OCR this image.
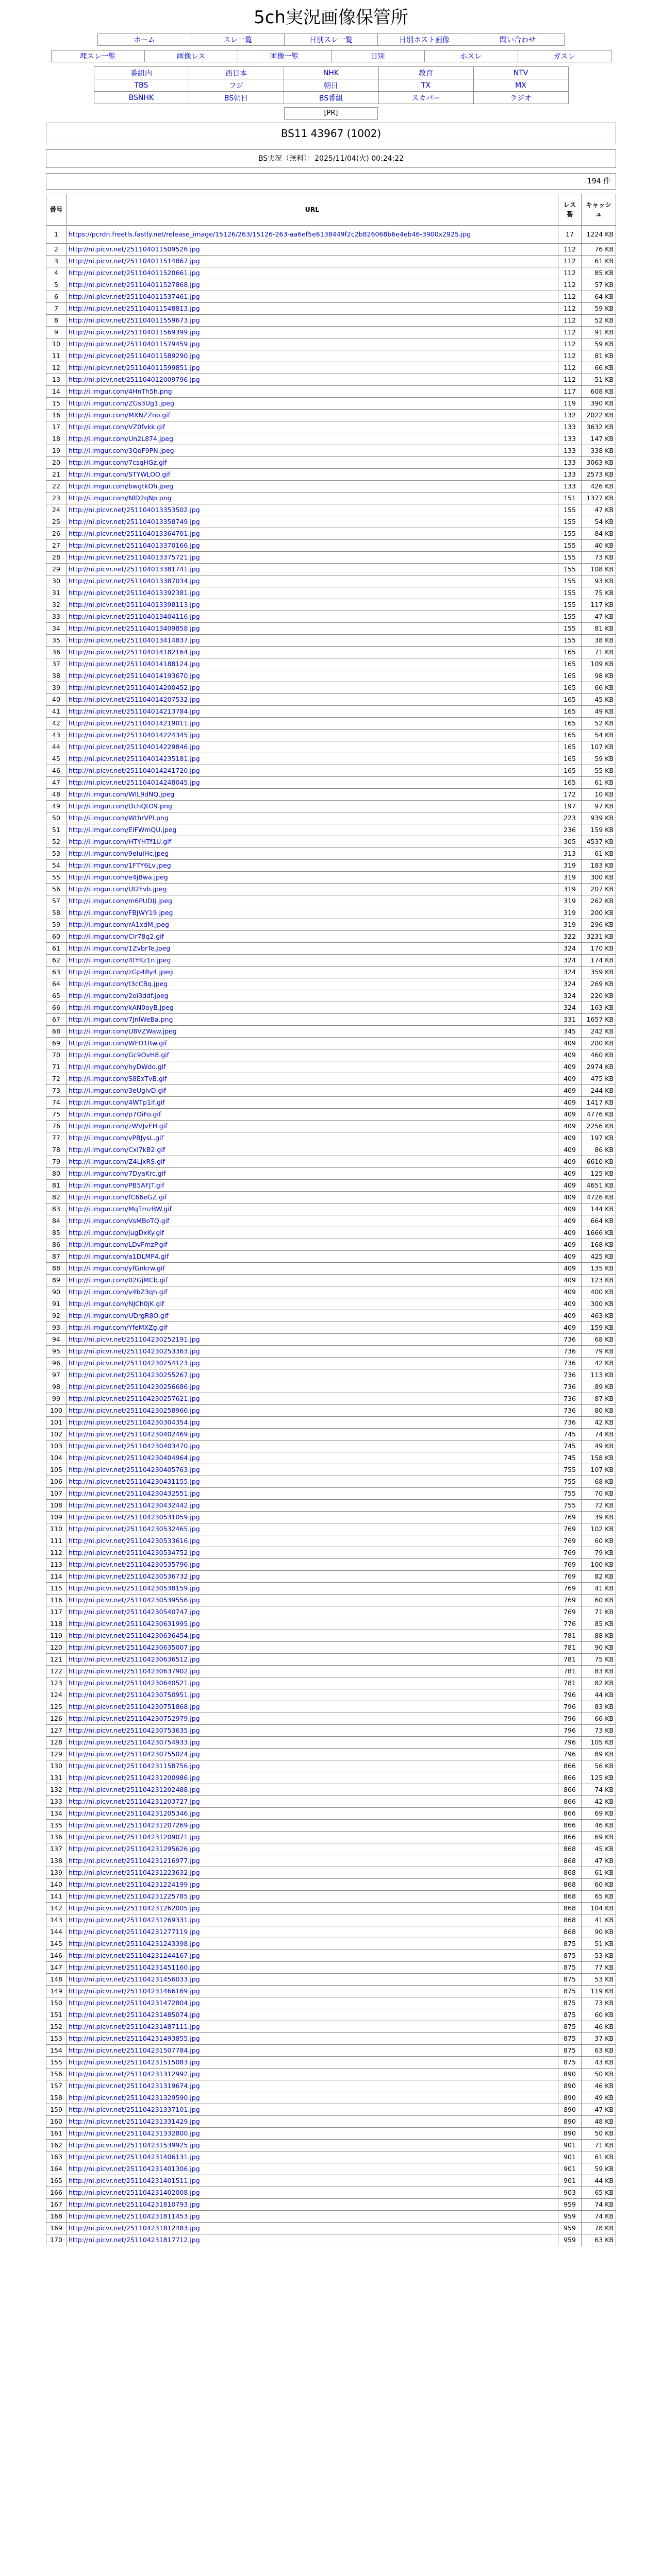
5ch実況画像保管所
ホーム	スレ一覧	日別スレ一覧	日別ホスト画像	問い合わせ
埋スレ一覧	画像レス	画像一覧	日別	ホスレ	ガスレ
番組内	西日本	NHK	教育	NTV
TBS	フジ	朝日	TX	MX
BSNHK	BS朝日	BS番組	スカパー	ラジオ
[PR]
BS11 43967 (1002)
BS実況（無料）：2025/11/04(火) 00:24:22
194 件
番号	URL	レス番	キャッシュ
1	https://pcrdn.freetls.fastly.net/release_image/15126/263/15126-263-aa6ef5e6138449f2c2b826068b6e4eb46-3900x2925.jpg	17	1224 KB
2	http://ni.picvr.net/251104011509526.jpg	112	76 KB
3	http://ni.picvr.net/251104011514867.jpg	112	61 KB
4	http://ni.picvr.net/251104011520661.jpg	112	85 KB
5	http://ni.picvr.net/251104011527868.jpg	112	57 KB
6	http://ni.picvr.net/251104011537461.jpg	112	64 KB
7	http://ni.picvr.net/251104011548813.jpg	112	59 KB
8	http://ni.picvr.net/251104011559673.jpg	112	52 KB
9	http://ni.picvr.net/251104011569399.jpg	112	91 KB
10	http://ni.picvr.net/251104011579459.jpg	112	59 KB
11	http://ni.picvr.net/251104011589290.jpg	112	81 KB
12	http://ni.picvr.net/251104011599851.jpg	112	66 KB
13	http://ni.picvr.net/251104012009796.jpg	112	51 KB
14	http://i.imgur.com/4HnTh5h.png	117	608 KB
15	http://i.imgur.com/ZGs3Ug1.jpeg	119	390 KB
16	http://i.imgur.com/MXNZZno.gif	132	2022 KB
17	http://i.imgur.com/VZ0fvkk.gif	133	3632 KB
18	http://i.imgur.com/Un2L874.jpeg	133	147 KB
19	http://i.imgur.com/3QoF9PN.jpeg	133	338 KB
20	http://i.imgur.com/7csqHGz.gif	133	3063 KB
21	http://i.imgur.com/STYWLOO.gif	133	2573 KB
22	http://i.imgur.com/bwgtkOh.jpeg	133	426 KB
23	http://i.imgur.com/NlD2qNp.png	151	1377 KB
24	http://ni.picvr.net/251104013353502.jpg	155	47 KB
25	http://ni.picvr.net/251104013358749.jpg	155	54 KB
26	http://ni.picvr.net/251104013364701.jpg	155	84 KB
27	http://ni.picvr.net/251104013370166.jpg	155	40 KB
28	http://ni.picvr.net/251104013375721.jpg	155	73 KB
29	http://ni.picvr.net/251104013381741.jpg	155	108 KB
30	http://ni.picvr.net/251104013387034.jpg	155	93 KB
31	http://ni.picvr.net/251104013392381.jpg	155	75 KB
32	http://ni.picvr.net/251104013398113.jpg	155	117 KB
33	http://ni.picvr.net/251104013404116.jpg	155	47 KB
34	http://ni.picvr.net/251104013409858.jpg	155	81 KB
35	http://ni.picvr.net/251104013414837.jpg	155	38 KB
36	http://ni.picvr.net/251104014182164.jpg	165	71 KB
37	http://ni.picvr.net/251104014188124.jpg	165	109 KB
38	http://ni.picvr.net/251104014193670.jpg	165	98 KB
39	http://ni.picvr.net/251104014200452.jpg	165	66 KB
40	http://ni.picvr.net/251104014207532.jpg	165	45 KB
41	http://ni.picvr.net/251104014213784.jpg	165	49 KB
42	http://ni.picvr.net/251104014219011.jpg	165	52 KB
43	http://ni.picvr.net/251104014224345.jpg	165	54 KB
44	http://ni.picvr.net/251104014229846.jpg	165	107 KB
45	http://ni.picvr.net/251104014235181.jpg	165	59 KB
46	http://ni.picvr.net/251104014241720.jpg	165	55 KB
47	http://ni.picvr.net/251104014248045.jpg	165	61 KB
48	http://i.imgur.com/WIL9dNQ.jpeg	172	10 KB
49	http://i.imgur.com/DchQtO9.png	197	97 KB
50	http://i.imgur.com/WthrVPl.png	223	939 KB
51	http://i.imgur.com/EIFWmQU.jpeg	236	159 KB
52	http://i.imgur.com/HTYHTf1U.gif	305	4537 KB
53	http://i.imgur.com/9eIuiHc.jpeg	313	61 KB
54	http://i.imgur.com/1FTY6Lv.jpeg	319	183 KB
55	http://i.imgur.com/e4jBwa.jpeg	319	300 KB
56	http://i.imgur.com/UI2Fvb.jpeg	319	207 KB
57	http://i.imgur.com/m6PUDIJ.jpeg	319	262 KB
58	http://i.imgur.com/FBJWY19.jpeg	319	200 KB
59	http://i.imgur.com/rA1xdM.jpeg	319	296 KB
60	http://i.imgur.com/Clr78q2.gif	322	3231 KB
61	http://i.imgur.com/1ZvbrTe.jpeg	324	170 KB
62	http://i.imgur.com/4tYKz1n.jpeg	324	174 KB
63	http://i.imgur.com/zGp48y4.jpeg	324	359 KB
64	http://i.imgur.com/t3cCBq.jpeg	324	269 KB
65	http://i.imgur.com/2oi3ddf.jpeg	324	220 KB
66	http://i.imgur.com/kAN0oyB.jpeg	324	163 KB
67	http://i.imgur.com/7JnlWeBa.png	331	1657 KB
68	http://i.imgur.com/U8VZWaw.jpeg	345	242 KB
69	http://i.imgur.com/WFO1Rw.gif	409	200 KB
70	http://i.imgur.com/Gc9OvH8.gif	409	460 KB
71	http://i.imgur.com/hyDWdo.gif	409	2974 KB
72	http://i.imgur.com/S8ExTvB.gif	409	475 KB
73	http://i.imgur.com/3eUglvD.gif	409	244 KB
74	http://i.imgur.com/4WTp1lf.gif	409	1417 KB
75	http://i.imgur.com/p7OiFo.gif	409	4776 KB
76	http://i.imgur.com/zWVJvEH.gif	409	2256 KB
77	http://i.imgur.com/vPBJysL.gif	409	197 KB
78	http://i.imgur.com/Cxl7kB2.gif	409	86 KB
79	http://i.imgur.com/Z4LjxRS.gif	409	6610 KB
80	http://i.imgur.com/7DyaKrc.gif	409	125 KB
81	http://i.imgur.com/PB5AFJT.gif	409	4651 KB
82	http://i.imgur.com/fC66eGZ.gif	409	4726 KB
83	http://i.imgur.com/MqTmzBW.gif	409	144 KB
84	http://i.imgur.com/VsMBoTQ.gif	409	664 KB
85	http://i.imgur.com/jugDxKy.gif	409	1666 KB
86	http://i.imgur.com/LDvFmzP.gif	409	168 KB
87	http://i.imgur.com/a1DLMP4.gif	409	425 KB
88	http://i.imgur.com/yfGnkrw.gif	409	135 KB
89	http://i.imgur.com/02GjMCb.gif	409	123 KB
90	http://i.imgur.com/v4bZ3qh.gif	409	400 KB
91	http://i.imgur.com/NJCh0jK.gif	409	300 KB
92	http://i.imgur.com/UDrgR8O.gif	409	463 KB
93	http://i.imgur.com/YfeMXZg.gif	409	159 KB
94	http://ni.picvr.net/251104230252191.jpg	736	68 KB
95	http://ni.picvr.net/251104230253363.jpg	736	79 KB
96	http://ni.picvr.net/251104230254123.jpg	736	42 KB
97	http://ni.picvr.net/251104230255267.jpg	736	113 KB
98	http://ni.picvr.net/251104230256686.jpg	736	89 KB
99	http://ni.picvr.net/251104230257621.jpg	736	87 KB
100	http://ni.picvr.net/251104230258966.jpg	736	80 KB
101	http://ni.picvr.net/251104230304354.jpg	736	42 KB
102	http://ni.picvr.net/251104230402469.jpg	745	74 KB
103	http://ni.picvr.net/251104230403470.jpg	745	49 KB
104	http://ni.picvr.net/251104230404964.jpg	745	158 KB
105	http://ni.picvr.net/251104230405763.jpg	755	107 KB
106	http://ni.picvr.net/251104230431155.jpg	755	68 KB
107	http://ni.picvr.net/251104230432551.jpg	755	70 KB
108	http://ni.picvr.net/251104230432442.jpg	755	72 KB
109	http://ni.picvr.net/251104230531059.jpg	769	39 KB
110	http://ni.picvr.net/251104230532465.jpg	769	102 KB
111	http://ni.picvr.net/251104230533616.jpg	769	60 KB
112	http://ni.picvr.net/251104230534752.jpg	769	79 KB
113	http://ni.picvr.net/251104230535796.jpg	769	100 KB
114	http://ni.picvr.net/251104230536732.jpg	769	82 KB
115	http://ni.picvr.net/251104230538159.jpg	769	41 KB
116	http://ni.picvr.net/251104230539556.jpg	769	60 KB
117	http://ni.picvr.net/251104230540747.jpg	769	71 KB
118	http://ni.picvr.net/251104230631995.jpg	776	85 KB
119	http://ni.picvr.net/251104230636454.jpg	781	88 KB
120	http://ni.picvr.net/251104230635007.jpg	781	90 KB
121	http://ni.picvr.net/251104230636512.jpg	781	75 KB
122	http://ni.picvr.net/251104230637902.jpg	781	83 KB
123	http://ni.picvr.net/251104230640521.jpg	781	82 KB
124	http://ni.picvr.net/251104230750951.jpg	796	44 KB
125	http://ni.picvr.net/251104230751868.jpg	796	83 KB
126	http://ni.picvr.net/251104230752979.jpg	796	66 KB
127	http://ni.picvr.net/251104230753635.jpg	796	73 KB
128	http://ni.picvr.net/251104230754933.jpg	796	105 KB
129	http://ni.picvr.net/251104230755024.jpg	796	89 KB
130	http://ni.picvr.net/251104231158756.jpg	866	56 KB
131	http://ni.picvr.net/251104231200986.jpg	866	125 KB
132	http://ni.picvr.net/251104231202488.jpg	866	74 KB
133	http://ni.picvr.net/251104231203727.jpg	866	42 KB
134	http://ni.picvr.net/251104231205346.jpg	866	69 KB
135	http://ni.picvr.net/251104231207269.jpg	866	46 KB
136	http://ni.picvr.net/251104231209071.jpg	866	69 KB
137	http://ni.picvr.net/251104231295626.jpg	868	45 KB
138	http://ni.picvr.net/251104231216977.jpg	868	47 KB
139	http://ni.picvr.net/251104231223632.jpg	868	61 KB
140	http://ni.picvr.net/251104231224199.jpg	868	60 KB
141	http://ni.picvr.net/251104231225785.jpg	868	65 KB
142	http://ni.picvr.net/251104231262005.jpg	868	104 KB
143	http://ni.picvr.net/251104231269331.jpg	868	41 KB
144	http://ni.picvr.net/251104231277119.jpg	868	90 KB
145	http://ni.picvr.net/251104231243398.jpg	875	51 KB
146	http://ni.picvr.net/251104231244167.jpg	875	53 KB
147	http://ni.picvr.net/251104231451160.jpg	875	77 KB
148	http://ni.picvr.net/251104231456033.jpg	875	53 KB
149	http://ni.picvr.net/251104231466169.jpg	875	119 KB
150	http://ni.picvr.net/251104231472804.jpg	875	73 KB
151	http://ni.picvr.net/251104231485074.jpg	875	60 KB
152	http://ni.picvr.net/251104231487111.jpg	875	46 KB
153	http://ni.picvr.net/251104231493855.jpg	875	37 KB
154	http://ni.picvr.net/251104231507784.jpg	875	63 KB
155	http://ni.picvr.net/251104231515083.jpg	875	43 KB
156	http://ni.picvr.net/251104231312992.jpg	890	50 KB
157	http://ni.picvr.net/251104231319674.jpg	890	46 KB
158	http://ni.picvr.net/251104231329590.jpg	890	49 KB
159	http://ni.picvr.net/251104231337101.jpg	890	47 KB
160	http://ni.picvr.net/251104231331429.jpg	890	48 KB
161	http://ni.picvr.net/251104231332800.jpg	890	50 KB
162	http://ni.picvr.net/251104231539925.jpg	901	71 KB
163	http://ni.picvr.net/251104231406131.jpg	901	61 KB
164	http://ni.picvr.net/251104231401306.jpg	901	59 KB
165	http://ni.picvr.net/251104231401511.jpg	901	44 KB
166	http://ni.picvr.net/251104231402008.jpg	903	65 KB
167	http://ni.picvr.net/251104231810793.jpg	959	74 KB
168	http://ni.picvr.net/251104231811453.jpg	959	74 KB
169	http://ni.picvr.net/251104231812483.jpg	959	78 KB
170	http://ni.picvr.net/251104231817712.jpg	959	63 KB
